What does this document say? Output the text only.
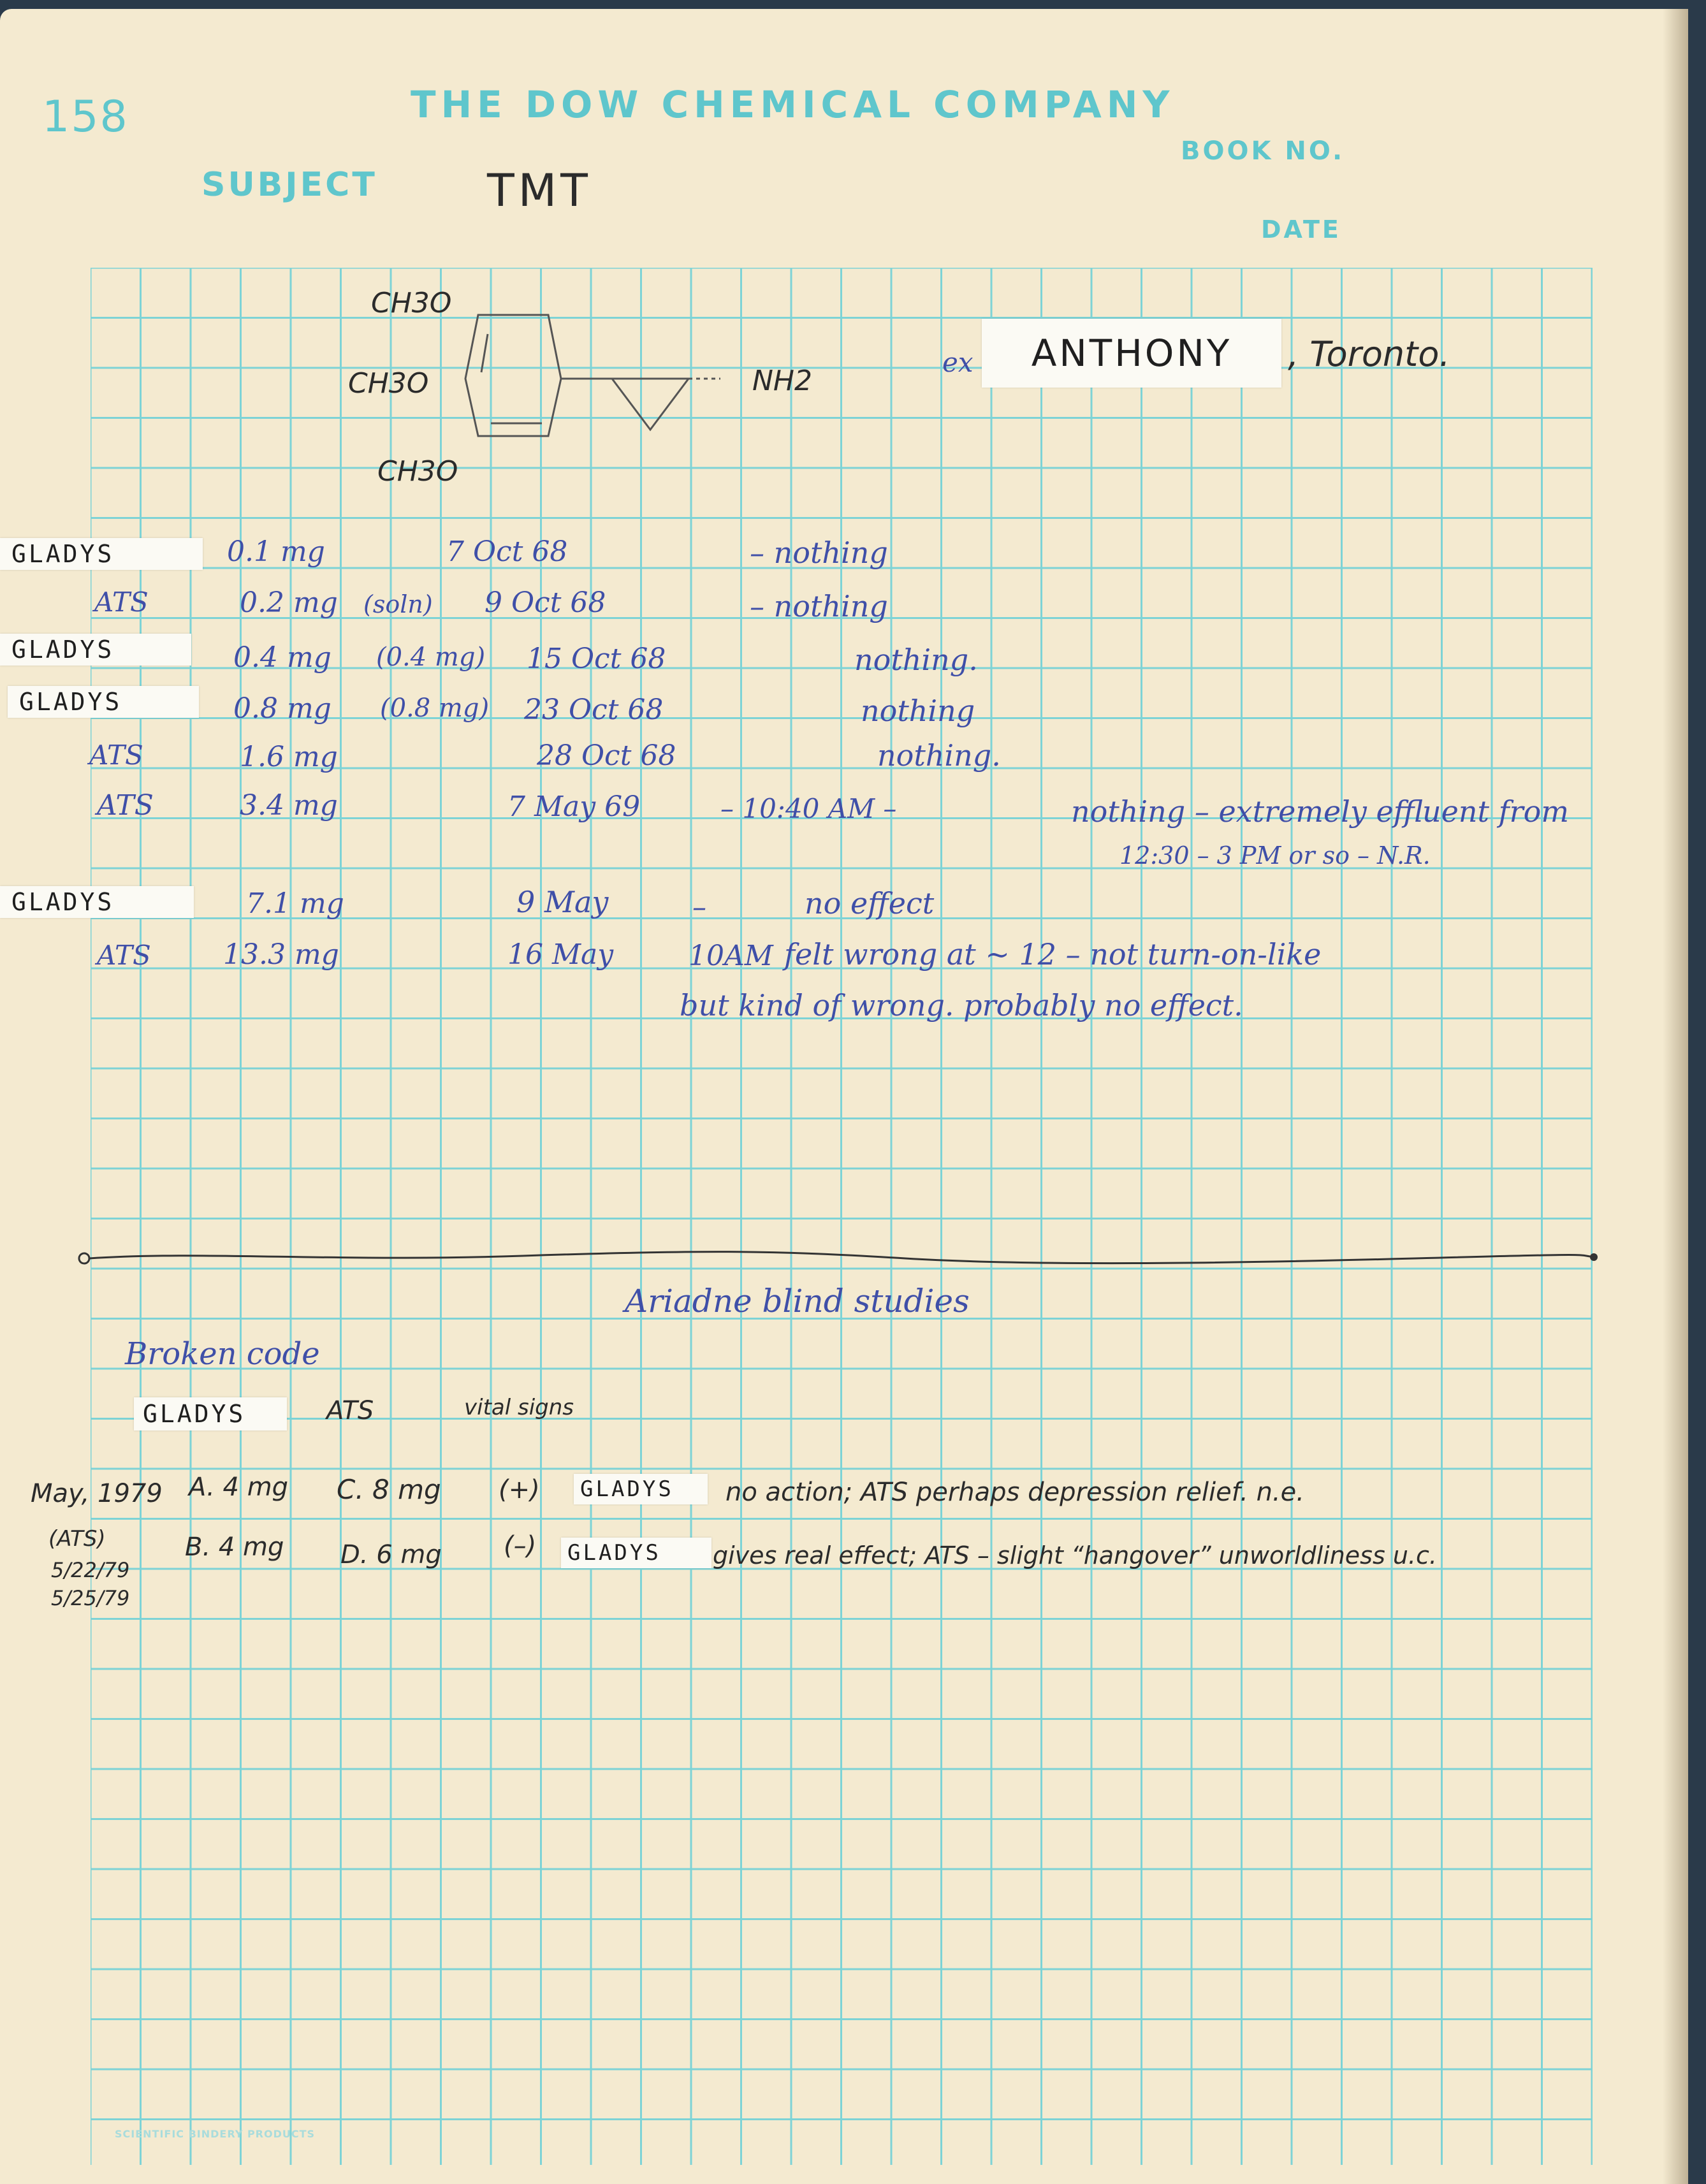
158	THE DOW CHEMICAL COMPANY
BOOK NO.
SUBJECT TMT
DATE
CH3O
CH3O
CH3O
NH2
ex	ANTHONY	, Toronto.
GLADYS	0.1 mg	7 Oct 68	– nothing
ATS	0.2 mg (soln) 9 Oct 68	– nothing
GLADYS	0.4 mg (0.4 mg) 15 Oct 68	nothing.
GLADYS	0.8 mg (0.8 mg) 23 Oct 68	nothing
ATS	1.6 mg	28 Oct 68	nothing.
ATS	3.4 mg	7 May 69	– 10:40 AM –	nothing – extremely effluent from
12:30 – 3 PM or so – N.R.
GLADYS	7.1 mg	9 May	–	no effect
ATS	13.3 mg	16 May	10AM felt wrong at ~ 12 – not turn-on-like
but kind of wrong. probably no effect.
Ariadne blind studies
Broken code
GLADYS	ATS	vital signs
May, 1979 A. 4 mg C. 8 mg (+) GLADYS	no action; ATS perhaps depression relief. n.e.
(ATS)	B. 4 mg D. 6 mg (–) GLADYS	gives real effect; ATS – slight “hangover” unworldliness u.c.
5/22/79
5/25/79
SCIENTIFIC BINDERY PRODUCTS
